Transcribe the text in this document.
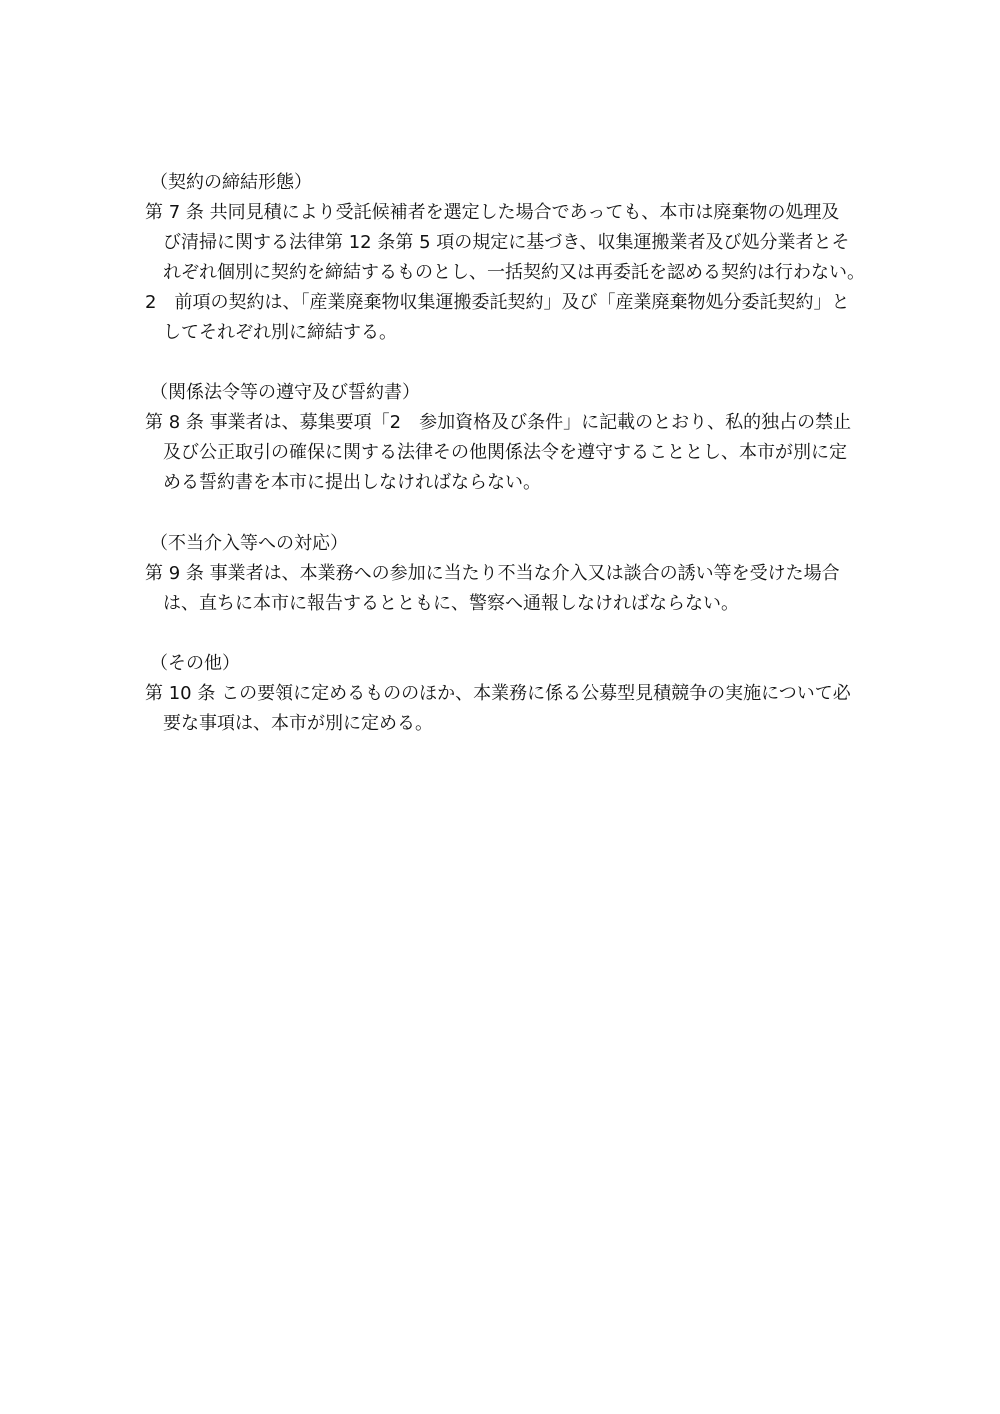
（契約の締結形態）
第 7 条 共同見積により受託候補者を選定した場合であっても、本市は廃棄物の処理及
び清掃に関する法律第 12 条第 5 項の規定に基づき、収集運搬業者及び処分業者とそ
れぞれ個別に契約を締結するものとし、一括契約又は再委託を認める契約は行わない。
2　前項の契約は、「産業廃棄物収集運搬委託契約」及び「産業廃棄物処分委託契約」と
してそれぞれ別に締結する。
（関係法令等の遵守及び誓約書）
第 8 条 事業者は、募集要項「2　参加資格及び条件」に記載のとおり、私的独占の禁止
及び公正取引の確保に関する法律その他関係法令を遵守することとし、本市が別に定
める誓約書を本市に提出しなければならない。
（不当介入等への対応）
第 9 条 事業者は、本業務への参加に当たり不当な介入又は談合の誘い等を受けた場合
は、直ちに本市に報告するとともに、警察へ通報しなければならない。
（その他）
第 10 条 この要領に定めるもののほか、本業務に係る公募型見積競争の実施について必
要な事項は、本市が別に定める。
